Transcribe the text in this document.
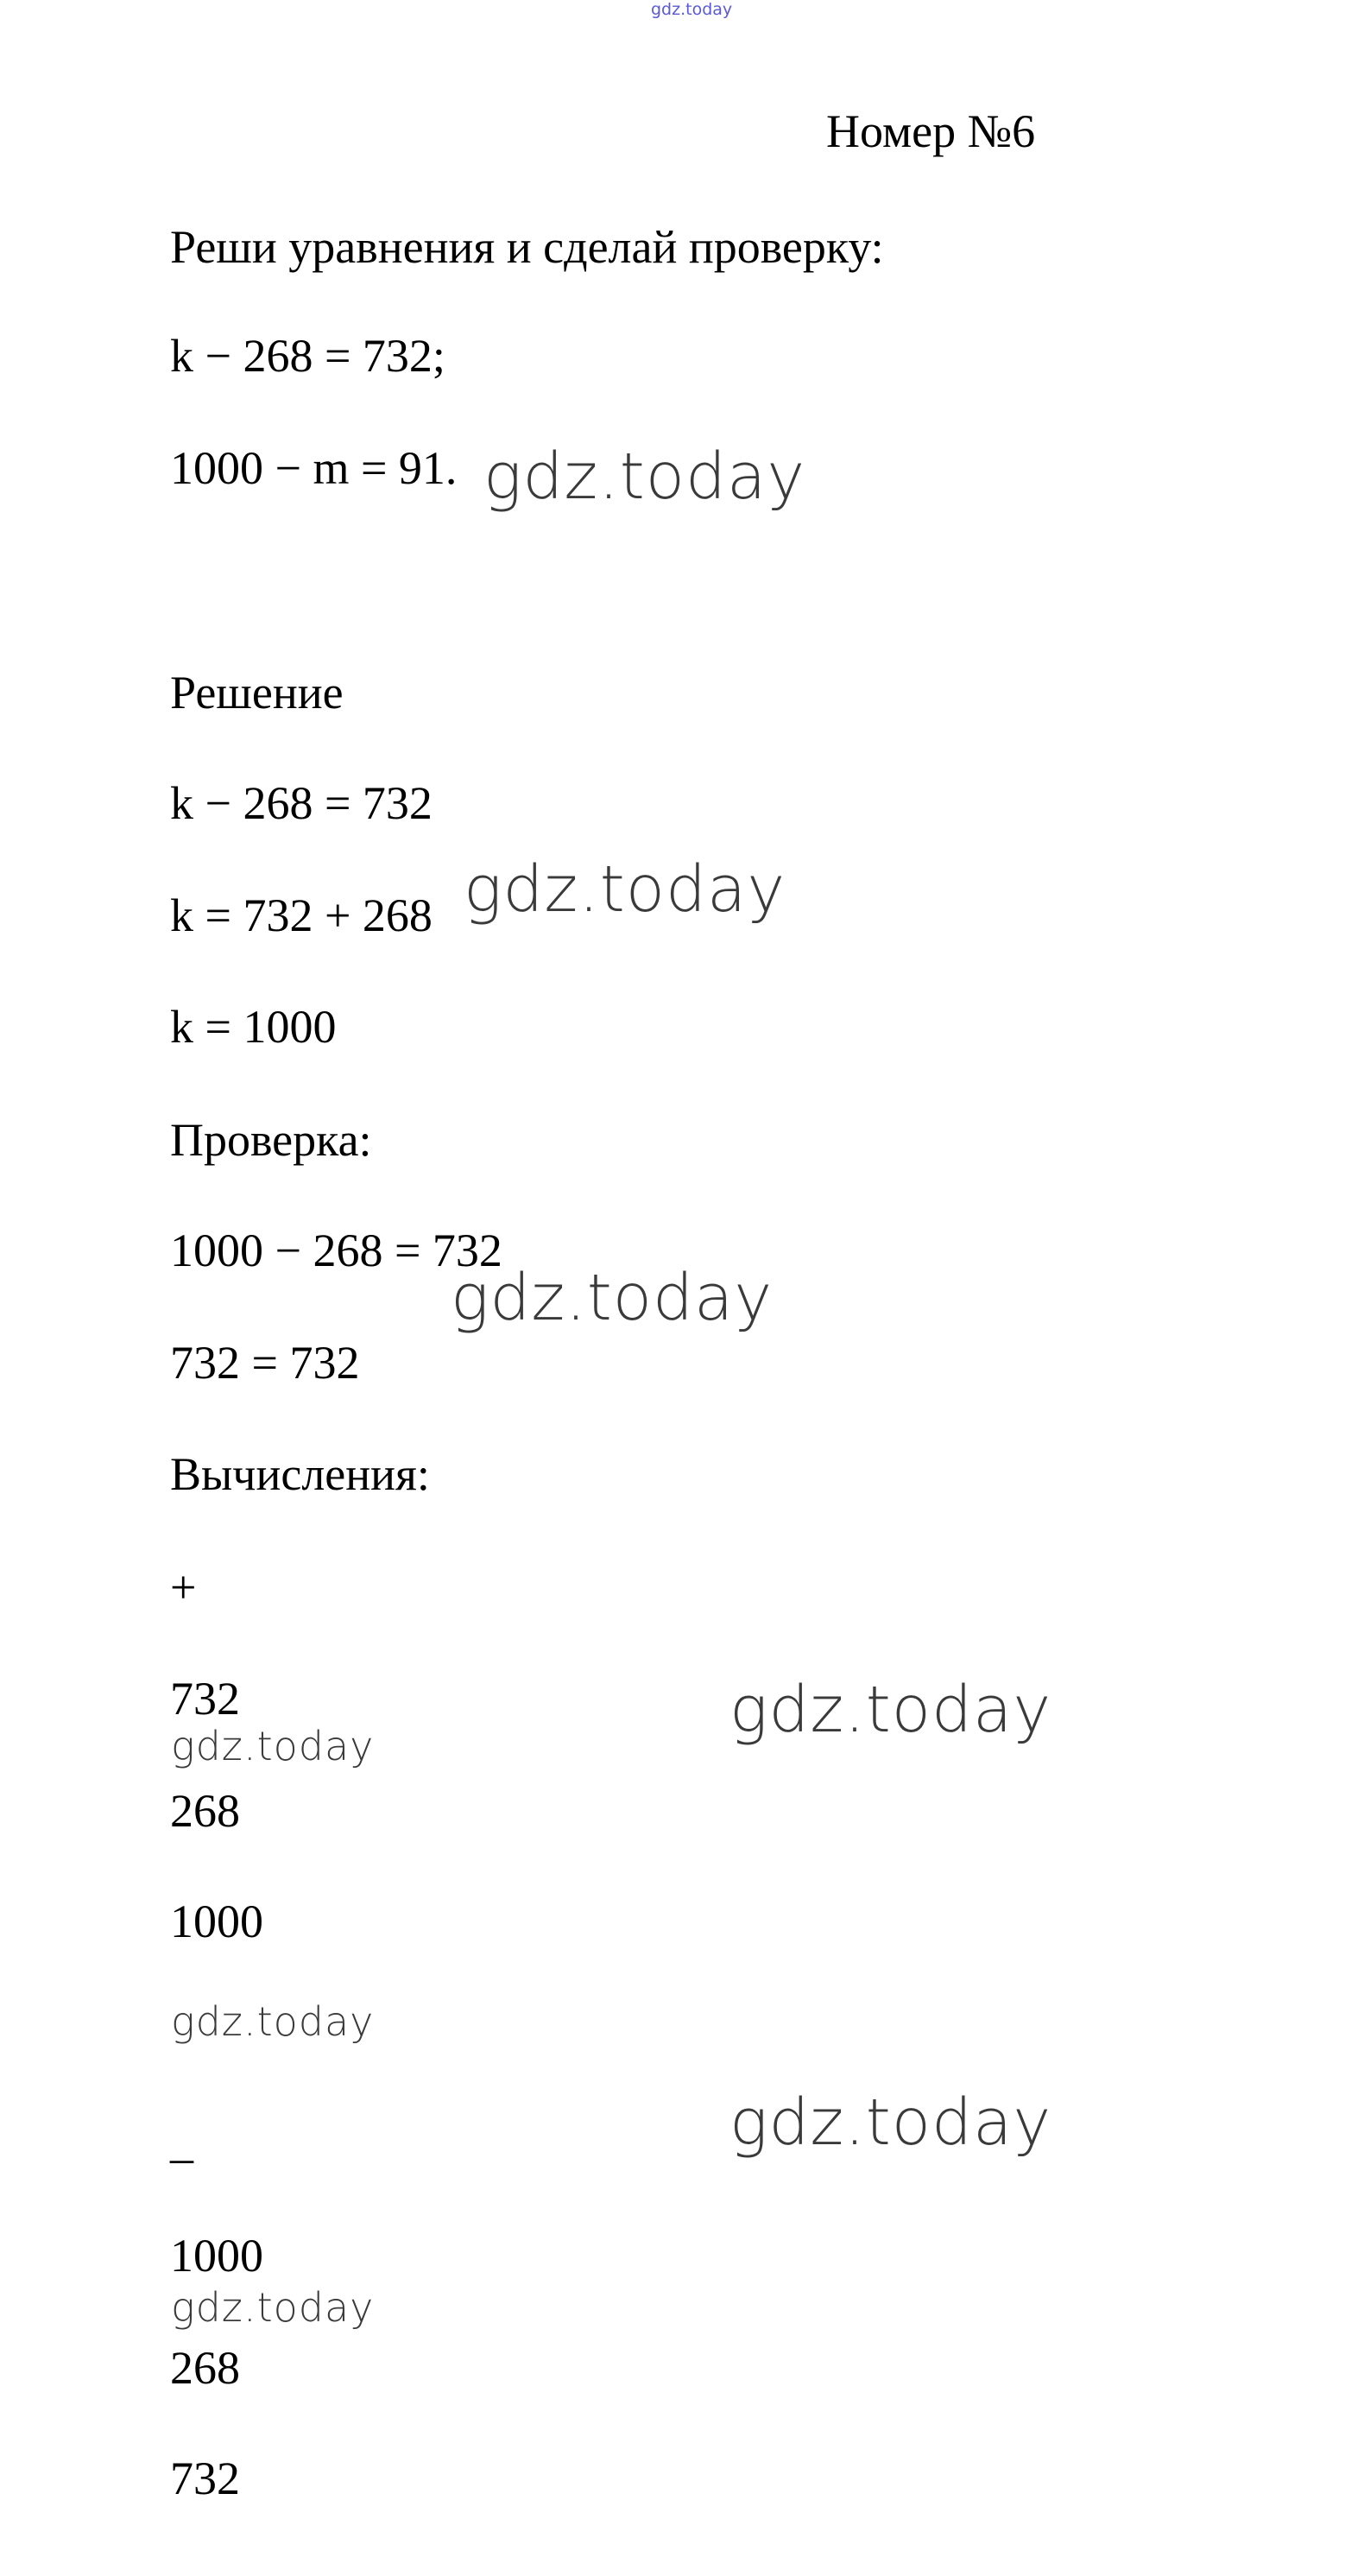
gdz.today
Номер №6
Реши уравнения и сделай проверку:
k − 268 = 732;
1000 − m = 91.
Решение
k − 268 = 732
k = 732 + 268
k = 1000
Проверка:
1000 − 268 = 732
732 = 732
Вычисления:
+
732
268
1000
_
1000
268
732
gdz.today
gdz.today
gdz.today
gdz.today
gdz.today
gdz.today
gdz.today
gdz.today
